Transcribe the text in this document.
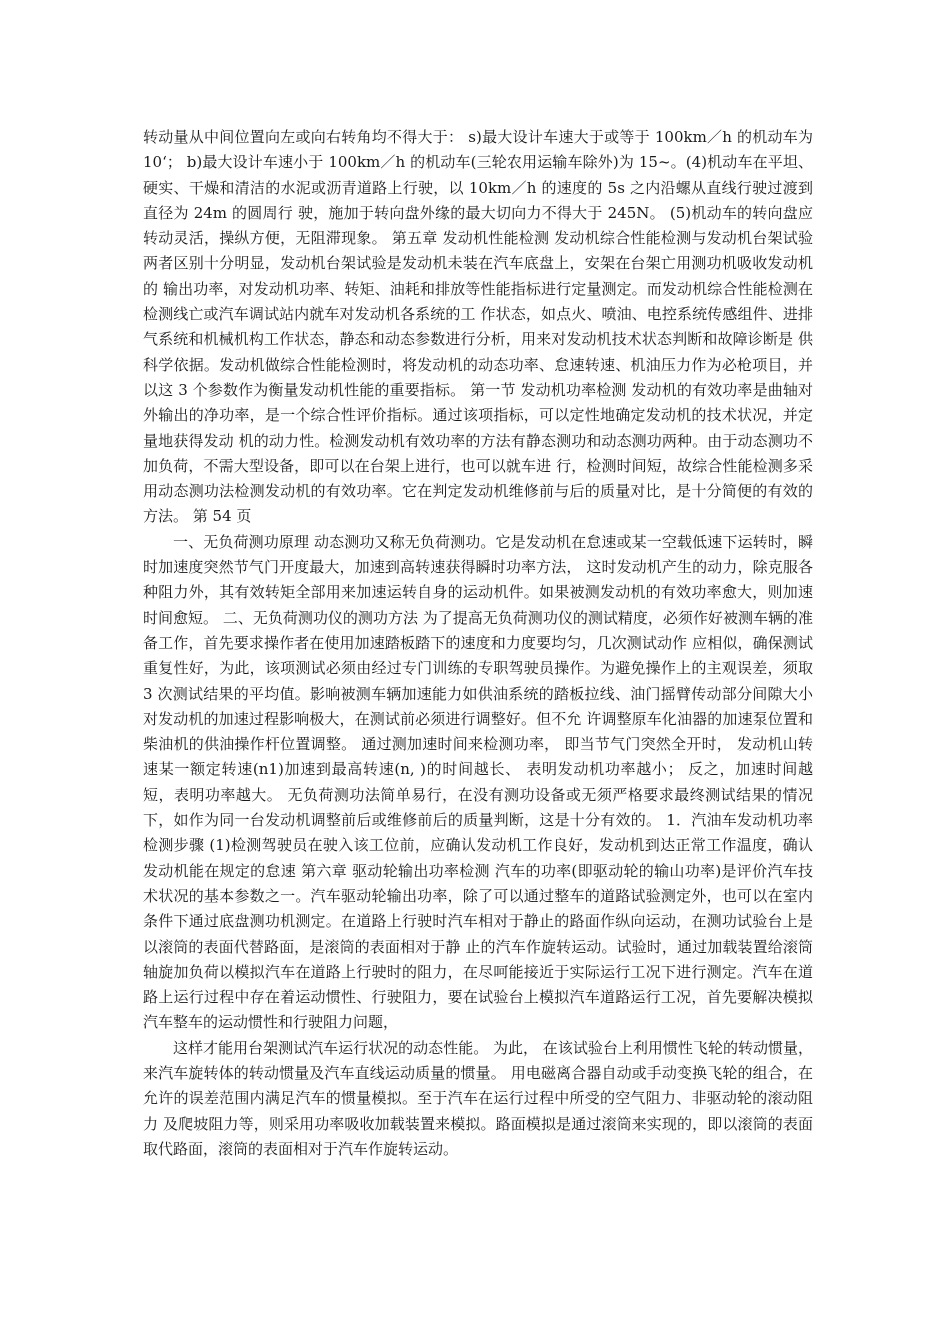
转动量从中间位置向左或向右转角均不得大于： s)最大设计车速大于或等于 100km／h 的机动车为 10‘； b)最大设计车速小于 100km／h 的机动车(三轮农用运输车除外)为 15~。(4)机动车在平坦、硬实、干燥和清洁的水泥或沥青道路上行驶，以 10km／h 的速度的 5s 之内沿螺从直线行驶过渡到直径为 24m 的圆周行 驶，施加于转向盘外缘的最大切向力不得大于 245N。 (5)机动车的转向盘应转动灵活，操纵方便，无阻滞现象。 第五章 发动机性能检测 发动机综合性能检测与发动机台架试验两者区别十分明显，发动机台架试验是发动机未装在汽车底盘上，安架在台架亡用测功机吸收发动机的 输出功率，对发动机功率、转矩、油耗和排放等性能指标进行定量测定。而发动机综合性能检测在检测线亡或汽车调试站内就车对发动机各系统的工 作状态，如点火、喷油、电控系统传感组件、进排气系统和机械机构工作状态，静态和动态参数进行分析，用来对发动机技术状态判断和故障诊断是 供科学依据。发动机做综合性能检测时，将发动机的动态功率、怠速转速、机油压力作为必枪项目，并以这 3 个参数作为衡量发动机性能的重要指标。 第一节 发动机功率检测 发动机的有效功率是曲轴对外输出的净功率，是一个综合性评价指标。通过该项指标，可以定性地确定发动机的技术状况，并定量地获得发动 机的动力性。检测发动机有效功率的方法有静态测功和动态测功两种。由于动态测功不加负荷，不需大型设备，即可以在台架上进行，也可以就车进 行，检测时间短，故综合性能检测多采用动态测功法检测发动机的有效功率。它在判定发动机维修前与后的质量对比，是十分简便的有效的方法。 第 54 页

一、无负荷测功原理 动态测功又称无负荷测功。它是发动机在怠速或某一空载低速下运转时，瞬时加速度突然节气门开度最大，加速到高转速获得瞬时功率方法， 这时发动机产生的动力，除克服各种阻力外，其有效转矩全部用来加速运转自身的运动机件。如果被测发动机的有效功率愈大，则加速时间愈短。 二、无负荷测功仪的测功方法 为了提高无负荷测功仪的测试精度，必须作好被测车辆的准备工作，首先要求操作者在使用加速踏板踏下的速度和力度要均匀，几次测试动作 应相似，确保测试重复性好，为此，该项测试必须由经过专门训练的专职驾驶员操作。为避免操作上的主观误差，须取 3 次测试结果的平均值。影响被测车辆加速能力如供油系统的踏板拉线、油门摇臂传动部分间隙大小对发动机的加速过程影响极大，在测试前必须进行调整好。但不允 许调整原车化油器的加速泵位置和柴油机的供油操作杆位置调整。 通过测加速时间来检测功率， 即当节气门突然全开时， 发动机山转速某一额定转速(n1)加速到最高转速(n, )的时间越长、 表明发动机功率越小； 反之，加速时间越短，表明功率越大。 无负荷测功法简单易行，在没有测功设备或无须严格要求最终测试结果的情况下，如作为同一台发动机调整前后或维修前后的质量判断，这是十分有效的。 1．汽油车发动机功率检测步骤 (1)检测驾驶员在驶入该工位前，应确认发动机工作良好，发动机到达正常工作温度，确认发动机能在规定的怠速 第六章 驱动轮输出功率检测 汽车的功率(即驱动轮的输山功率)是评价汽车技术状况的基本参数之一。汽车驱动轮输出功率，除了可以通过整车的道路试验测定外，也可以在室内 条件下通过底盘测功机测定。在道路上行驶时汽车相对于静止的路面作纵向运动，在测功试验台上是以滚筒的表面代替路面，是滚筒的表面相对于静 止的汽车作旋转运动。试验时，通过加载装置给滚筒轴旋加负荷以模拟汽车在道路上行驶时的阻力，在尽呵能接近于实际运行工况下进行测定。汽车在道路上运行过程中存在着运动惯性、行驶阻力，要在试验台上模拟汽车道路运行工况，首先要解决模拟汽车整车的运动惯性和行驶阻力问题，

这样才能用台架测试汽车运行状况的动态性能。 为此， 在该试验台上利用惯性飞轮的转动惯量， 来汽车旋转体的转动惯量及汽车直线运动质量的惯量。 用电磁离合器自动或手动变换飞轮的组合，在允许的误差范围内满足汽车的惯量模拟。至于汽车在运行过程中所受的空气阻力、非驱动轮的滚动阻力 及爬坡阻力等，则采用功率吸收加载装置来模拟。路面模拟是通过滚筒来实现的，即以滚筒的表面取代路面，滚筒的表面相对于汽车作旋转运动。
